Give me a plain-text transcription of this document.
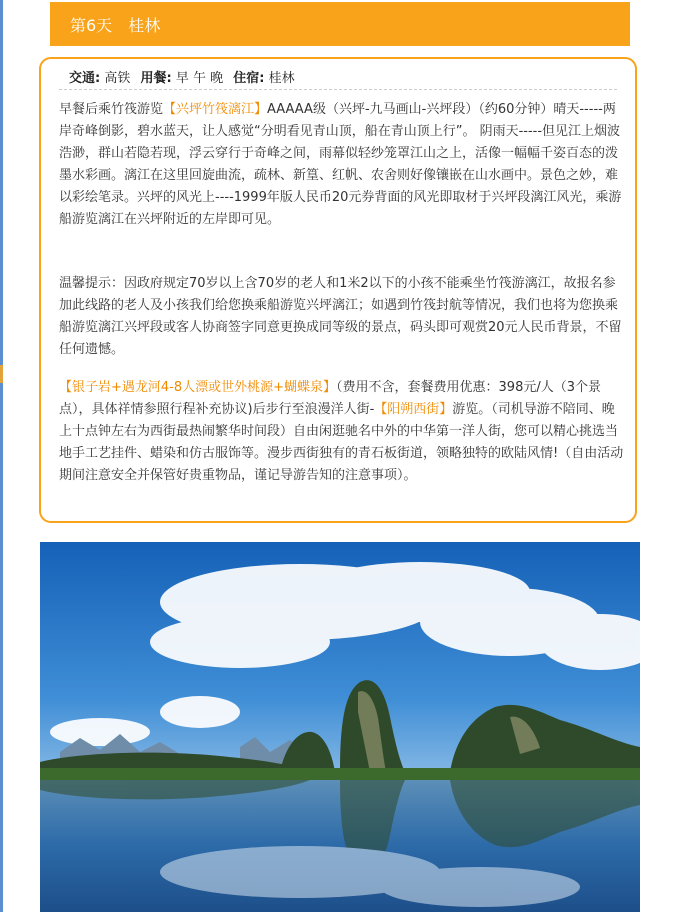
第6天 桂林
交通: 高铁 用餐: 早 午 晚 住宿: 桂林
早餐后乘竹筏游览【兴坪竹筏漓江】AAAAA级（兴坪-九马画山-兴坪段）（约60分钟）晴天-----两岸奇峰倒影，碧水蓝天，让人感觉“分明看见青山顶，船在青山顶上行”。 阴雨天-----但见江上烟波浩渺，群山若隐若现，浮云穿行于奇峰之间，雨幕似轻纱笼罩江山之上，活像一幅幅千姿百态的泼墨水彩画。漓江在这里回旋曲流，疏林、新篁、红帆、农舍则好像镶嵌在山水画中。景色之妙，难以彩绘笔录。兴坪的风光上----1999年版人民币20元券背面的风光即取材于兴坪段漓江风光，乘游船游览漓江在兴坪附近的左岸即可见。
温馨提示：因政府规定70岁以上含70岁的老人和1米2以下的小孩不能乘坐竹筏游漓江，故报名参加此线路的老人及小孩我们给您换乘船游览兴坪漓江；如遇到竹筏封航等情况，我们也将为您换乘船游览漓江兴坪段或客人协商签字同意更换成同等级的景点，码头即可观赏20元人民币背景，不留任何遗憾。
【银子岩+遇龙河4-8人漂或世外桃源+蝴蝶泉】（费用不含，套餐费用优惠：398元/人（3个景点），具体祥情参照行程补充协议)后步行至浪漫洋人街-【阳朔西街】游览。（司机导游不陪同、晚上十点钟左右为西街最热闹繁华时间段）自由闲逛驰名中外的中华第一洋人街，您可以精心挑选当地手工艺挂件、蜡染和仿古服饰等。漫步西街独有的青石板街道，领略独特的欧陆风情!（自由活动期间注意安全并保管好贵重物品，谨记导游告知的注意事项）。
